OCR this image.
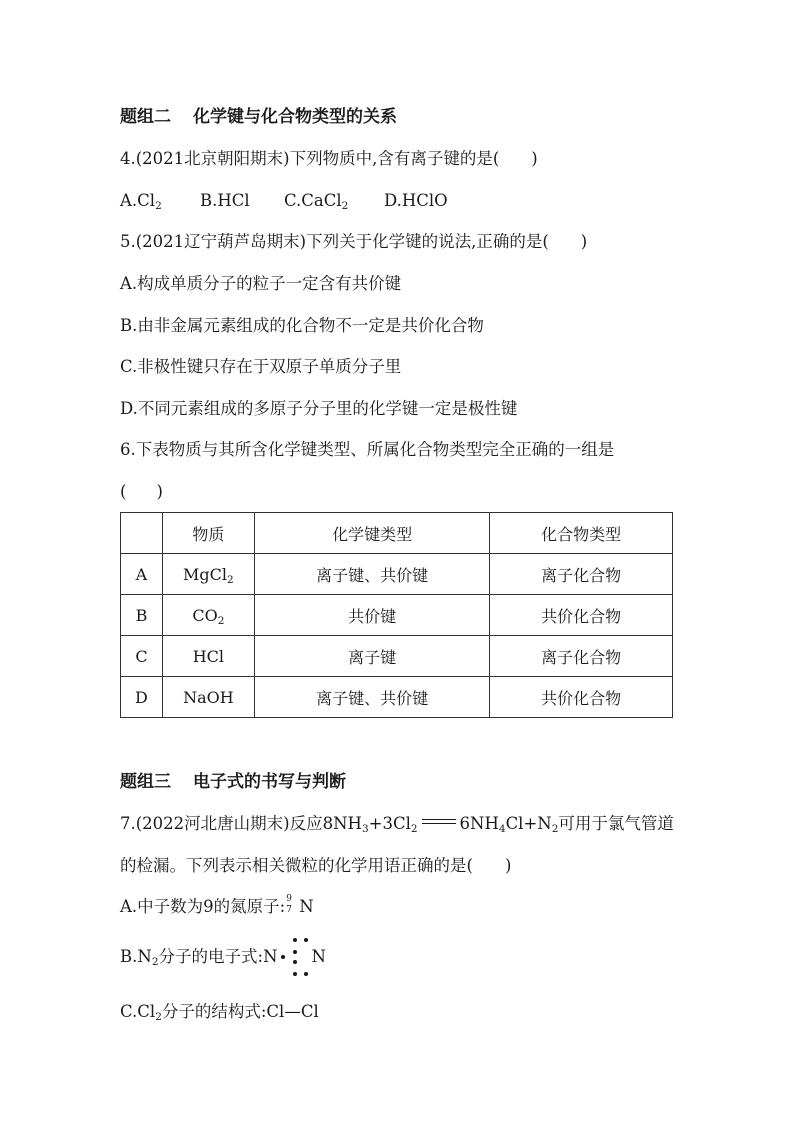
题组二 化学键与化合物类型的关系
4.(2021北京朝阳期末)下列物质中,含有离子键的是( )
$A.Cl_2$ B.HCl C.CaCl$_2$ D.HClO
5.(2021辽宁葫芦岛期末)下列关于化学键的说法,正确的是( )
A.构成单质分子的粒子一定含有共价键
B.由非金属元素组成的化合物不一定是共价化合物
C.非极性键只存在于双原子单质分子里
D.不同元素组成的多原子分子里的化学键一定是极性键
6.下表物质与其所含化学键类型、所属化合物类型完全正确的一组是
( )
	物质	化学键类型	化合物类型
A	MgCl$_2$	离子键、共价键	离子化合物
B	$CO_2$	共价键	共价化合物
C	HCl	离子键	离子化合物
D	NaOH	离子键、共价键	共价化合物
题组三 电子式的书写与判断
7.(2022河北唐山期末)反应$8NH_3+3Cl_2$	$6NH_4Cl+N_2$可用于氯气管道
的检漏。下列表示相关微粒的化学用语正确的是( )
A.中子数为9的氮原子: 9
7 N
$B.N_2$分子的电子式:N N
$C.Cl_2$分子的结构式:Cl—Cl
